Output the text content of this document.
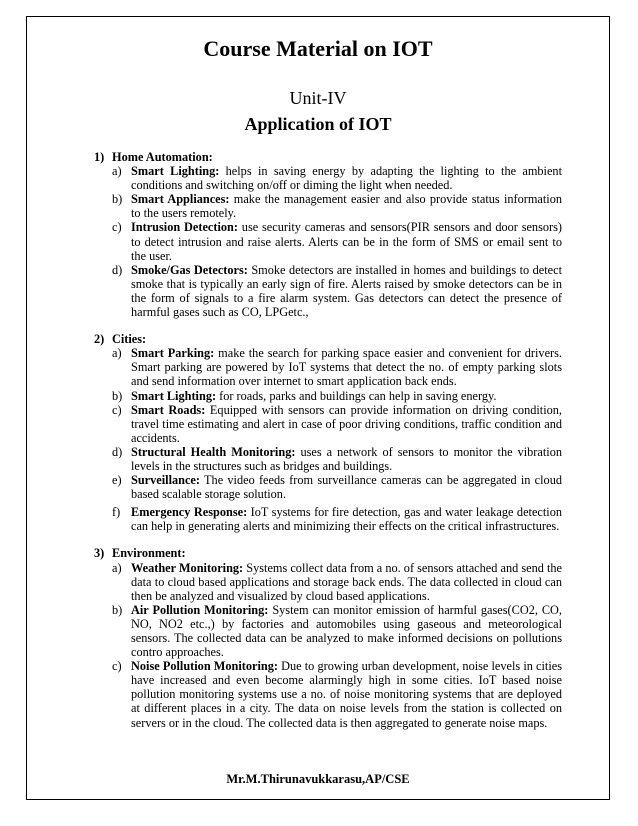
Course Material on IOT
Unit-IV
Application of IOT
1) Home Automation:
a) Smart Lighting: helps in saving energy by adapting the lighting to the ambient conditions and switching on/off or diming the light when needed.
b) Smart Appliances: make the management easier and also provide status information to the users remotely.
c) Intrusion Detection: use security cameras and sensors(PIR sensors and door sensors) to detect intrusion and raise alerts. Alerts can be in the form of SMS or email sent to the user.
d) Smoke/Gas Detectors: Smoke detectors are installed in homes and buildings to detect smoke that is typically an early sign of fire. Alerts raised by smoke detectors can be in the form of signals to a fire alarm system. Gas detectors can detect the presence of harmful gases such as CO, LPGetc.,
2) Cities:
a) Smart Parking: make the search for parking space easier and convenient for drivers. Smart parking are powered by IoT systems that detect the no. of empty parking slots and send information over internet to smart application back ends.
b) Smart Lighting: for roads, parks and buildings can help in saving energy.
c) Smart Roads: Equipped with sensors can provide information on driving condition, travel time estimating and alert in case of poor driving conditions, traffic condition and accidents.
d) Structural Health Monitoring: uses a network of sensors to monitor the vibration levels in the structures such as bridges and buildings.
e) Surveillance: The video feeds from surveillance cameras can be aggregated in cloud based scalable storage solution.
f) Emergency Response: IoT systems for fire detection, gas and water leakage detection can help in generating alerts and minimizing their effects on the critical infrastructures.
3) Environment:
a) Weather Monitoring: Systems collect data from a no. of sensors attached and send the data to cloud based applications and storage back ends. The data collected in cloud can then be analyzed and visualized by cloud based applications.
b) Air Pollution Monitoring: System can monitor emission of harmful gases(CO2, CO, NO, NO2 etc.,) by factories and automobiles using gaseous and meteorological sensors. The collected data can be analyzed to make informed decisions on pollutions contro approaches.
c) Noise Pollution Monitoring: Due to growing urban development, noise levels in cities have increased and even become alarmingly high in some cities. IoT based noise pollution monitoring systems use a no. of noise monitoring systems that are deployed at different places in a city. The data on noise levels from the station is collected on servers or in the cloud. The collected data is then aggregated to generate noise maps.
Mr.M.Thirunavukkarasu,AP/CSE
